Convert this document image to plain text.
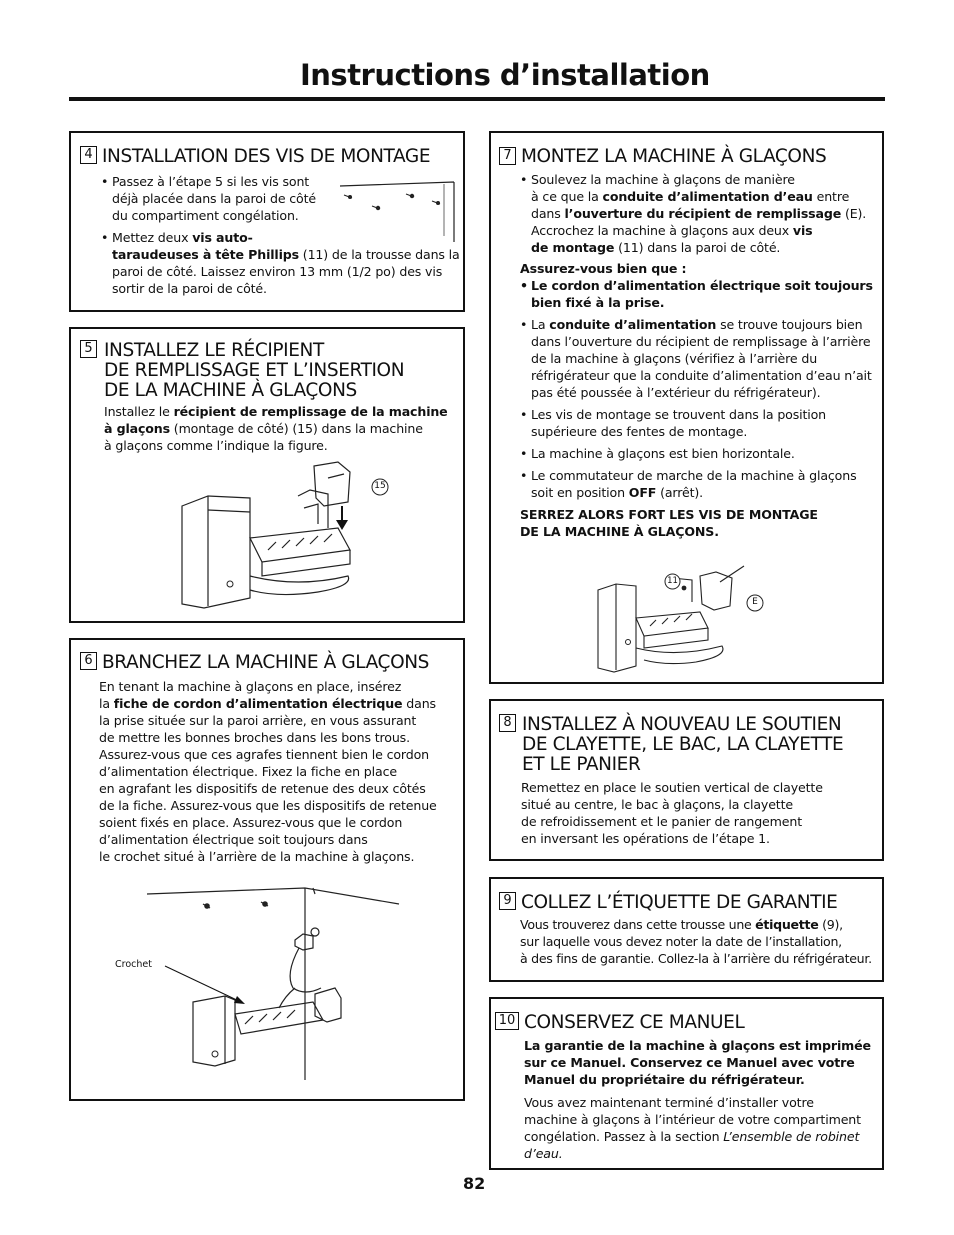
Instructions d’installation
4 INSTALLATION DES VIS DE MONTAGE
• Passez à l’étape 5 si les vis sont déjà placée dans la paroi de côté du compartiment congélation.
• Mettez deux vis auto-
taraudeuses à tête Phillips (11) de la trousse dans la paroi de côté. Laissez environ 13 mm (1/2 po) des vis sortir de la paroi de côté.
5 INSTALLEZ LE RÉCIPIENT
DE REMPLISSAGE ET L’INSERTION
DE LA MACHINE À GLAÇONS

Installez le récipient de remplissage de la machine

à glaçons (montage de côté) (15) dans la machine

à glaçons comme l’indique la figure.

15
6 BRANCHEZ LA MACHINE À GLAÇONS

En tenant la machine à glaçons en place, insérez

la fiche de cordon d’alimentation électrique dans

la prise située sur la paroi arrière, en vous assurant

de mettre les bonnes broches dans les bons trous.

Assurez-vous que ces agrafes tiennent bien le cordon

d’alimentation électrique. Fixez la fiche en place

en agrafant les dispositifs de retenue des deux côtés

de la fiche. Assurez-vous que les dispositifs de retenue

soient fixés en place. Assurez-vous que le cordon

d’alimentation électrique soit toujours dans

le crochet situé à l’arrière de la machine à glaçons.

Crochet
7 MONTEZ LA MACHINE À GLAÇONS
• Soulevez la machine à glaçons de manière
à ce que la conduite d’alimentation d’eau entre
dans l’ouverture du récipient de remplissage (E).
Accrochez la machine à glaçons aux deux vis
de montage (11) dans la paroi de côté.

Assurez-vous bien que :

• Le cordon d’alimentation électrique soit toujours bien fixé à la prise.
• La conduite d’alimentation se trouve toujours bien dans l’ouverture du récipient de remplissage à l’arrière de la machine à glaçons (vérifiez à l’arrière du réfrigérateur que la conduite d’alimentation d’eau n’ait pas été poussée à l’extérieur du réfrigérateur).
• Les vis de montage se trouvent dans la position supérieure des fentes de montage.
• La machine à glaçons est bien horizontale.
• Le commutateur de marche de la machine à glaçons soit en position OFF (arrêt).

SERREZ ALORS FORT LES VIS DE MONTAGE

DE LA MACHINE À GLAÇONS.

11
E
8 INSTALLEZ À NOUVEAU LE SOUTIEN
DE CLAYETTE, LE BAC, LA CLAYETTE
ET LE PANIER

Remettez en place le soutien vertical de clayette

situé au centre, le bac à glaçons, la clayette

de refroidissement et le panier de rangement

en inversant les opérations de l’étape 1.

9 COLLEZ L’ÉTIQUETTE DE GARANTIE

Vous trouverez dans cette trousse une étiquette (9),

sur laquelle vous devez noter la date de l’installation,

à des fins de garantie. Collez-la à l’arrière du réfrigérateur.

10 CONSERVEZ CE MANUEL

La garantie de la machine à glaçons est imprimée

sur ce Manuel. Conservez ce Manuel avec votre

Manuel du propriétaire du réfrigérateur.

Vous avez maintenant terminé d’installer votre

machine à glaçons à l’intérieur de votre compartiment

congélation. Passez à la section L’ensemble de robinet

d’eau.

82
